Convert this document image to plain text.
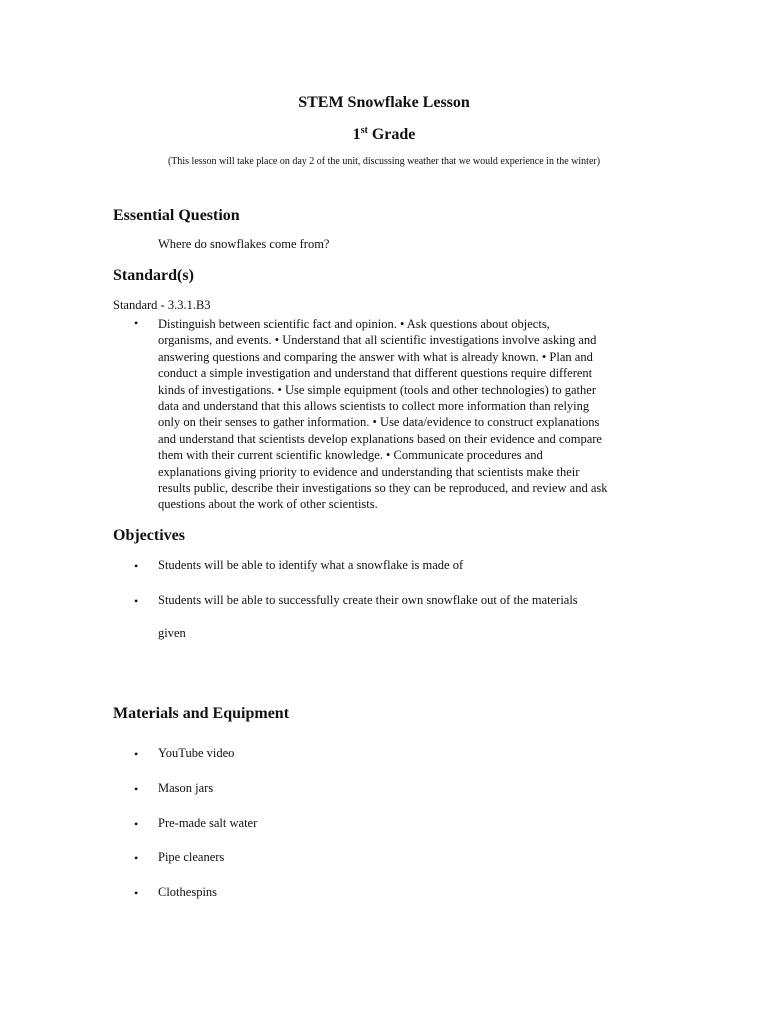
STEM Snowflake Lesson
1st Grade
(This lesson will take place on day 2 of the unit, discussing weather that we would experience in the winter)
Essential Question
Where do snowflakes come from?
Standard(s)
Standard - 3.3.1.B3
• Distinguish between scientific fact and opinion. • Ask questions about objects,
organisms, and events. • Understand that all scientific investigations involve asking and
answering questions and comparing the answer with what is already known. • Plan and
conduct a simple investigation and understand that different questions require different
kinds of investigations. • Use simple equipment (tools and other technologies) to gather
data and understand that this allows scientists to collect more information than relying
only on their senses to gather information. • Use data/evidence to construct explanations
and understand that scientists develop explanations based on their evidence and compare
them with their current scientific knowledge. • Communicate procedures and
explanations giving priority to evidence and understanding that scientists make their
results public, describe their investigations so they can be reproduced, and review and ask
questions about the work of other scientists.
Objectives
• Students will be able to identify what a snowflake is made of
• Students will be able to successfully create their own snowflake out of the materials
given
Materials and Equipment
• YouTube video
• Mason jars
• Pre-made salt water
• Pipe cleaners
• Clothespins
